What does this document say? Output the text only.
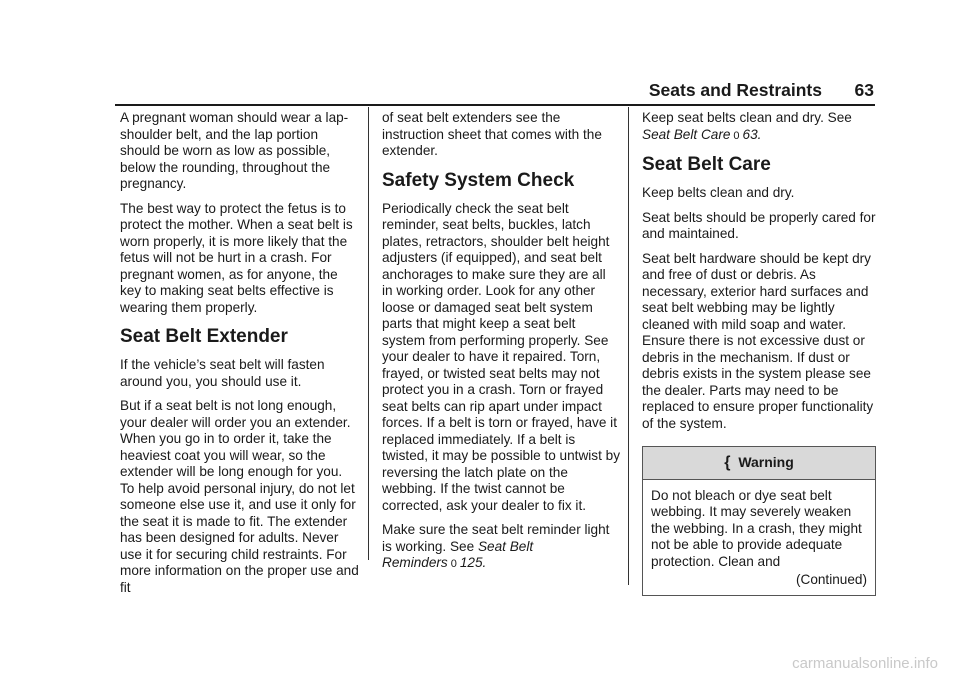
Seats and Restraints 63

A pregnant woman should wear a lap-shoulder belt, and the lap portion should be worn as low as possible, below the rounding, throughout the pregnancy.

The best way to protect the fetus is to protect the mother. When a seat belt is worn properly, it is more likely that the fetus will not be hurt in a crash. For pregnant women, as for anyone, the key to making seat belts effective is wearing them properly.

Seat Belt Extender

If the vehicle’s seat belt will fasten around you, you should use it.

But if a seat belt is not long enough, your dealer will order you an extender. When you go in to order it, take the heaviest coat you will wear, so the extender will be long enough for you. To help avoid personal injury, do not let someone else use it, and use it only for the seat it is made to fit. The extender has been designed for adults. Never use it for securing child restraints. For more information on the proper use and fit

of seat belt extenders see the instruction sheet that comes with the extender.

Safety System Check

Periodically check the seat belt reminder, seat belts, buckles, latch plates, retractors, shoulder belt height adjusters (if equipped), and seat belt anchorages to make sure they are all in working order. Look for any other loose or damaged seat belt system parts that might keep a seat belt system from performing properly. See your dealer to have it repaired. Torn, frayed, or twisted seat belts may not protect you in a crash. Torn or frayed seat belts can rip apart under impact forces. If a belt is torn or frayed, have it replaced immediately. If a belt is twisted, it may be possible to untwist by reversing the latch plate on the webbing. If the twist cannot be corrected, ask your dealer to fix it.

Make sure the seat belt reminder light is working. See Seat Belt Reminders 0 125.

Keep seat belts clean and dry. See Seat Belt Care 0 63.

Seat Belt Care

Keep belts clean and dry.

Seat belts should be properly cared for and maintained.

Seat belt hardware should be kept dry and free of dust or debris. As necessary, exterior hard surfaces and seat belt webbing may be lightly cleaned with mild soap and water. Ensure there is not excessive dust or debris in the mechanism. If dust or debris exists in the system please see the dealer. Parts may need to be replaced to ensure proper functionality of the system.

{ Warning

Do not bleach or dye seat belt webbing. It may severely weaken the webbing. In a crash, they might not be able to provide adequate protection. Clean and

(Continued)
carmanualsonline.info
